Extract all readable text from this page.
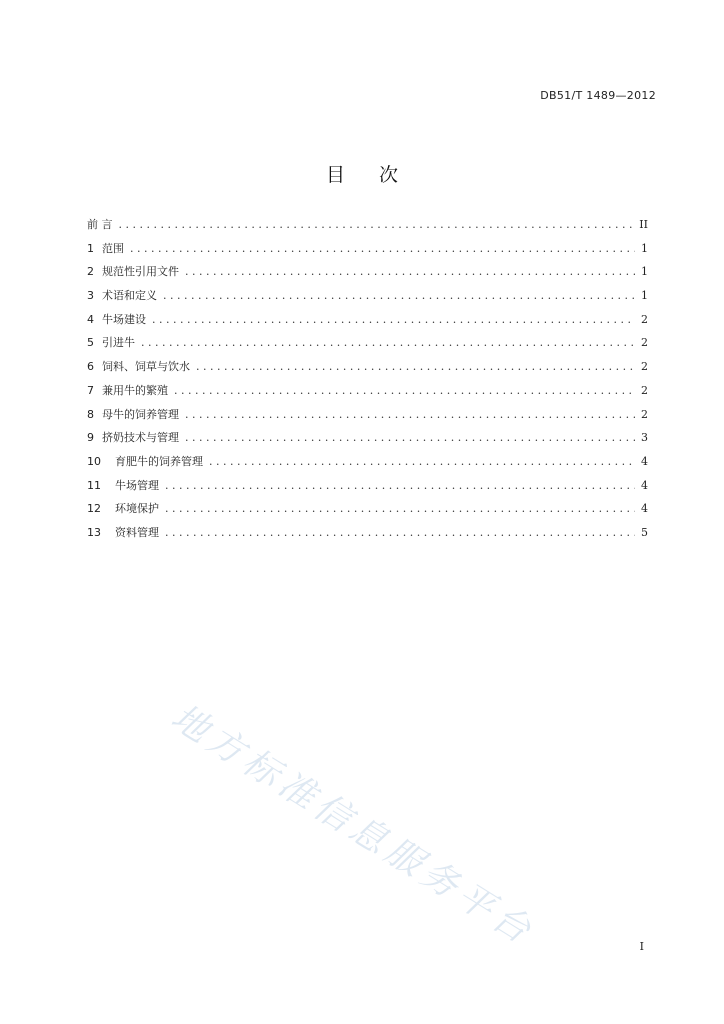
DB51/T 1489—2012
目次
前 言 . . .	II
1 范围 . . .	1
2 规范性引用文件 . . .	1
3 术语和定义 . . .	1
4 牛场建设 . . .	2
5 引进牛 . . .	2
6 饲料、饲草与饮水 . . .	2
7 兼用牛的繁殖 . . .	2
8 母牛的饲养管理 . . .	2
9 挤奶技术与管理 . . .	3
10 育肥牛的饲养管理 . . .	4
11 牛场管理 . . .	4
12 环境保护 . . .	4
13 资料管理 . . .	5
地方标准信息服务平台	I
